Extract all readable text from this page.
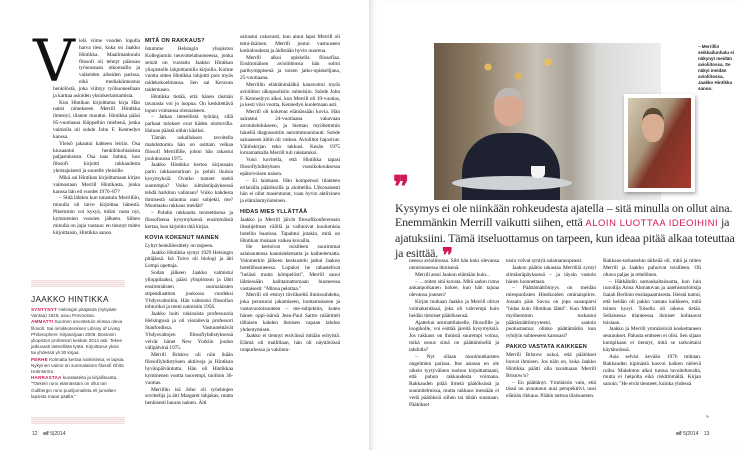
V ielä viime vuoden lopulla harva tiesi, kuka on Jaakko Hintikka. Maailmankuulu filosofi oli tehnyt pääosan työurastaan ulkomailla ja vaikeiden aiheiden parissa, eikä mediakiinnostus henkilöstä, joka viihtyy työhuoneellaan ja karttaa asioiden yksinkertaistamista.

Kun Hintikan kirjoittama kirja Hän naitsi nimekseen Merrill Hintikka ilmestyi, tilanne muuttui. Hintikka pääsi 85-vuotiaana lööppeihin miehenä, jonka vaimolla oli suhde John F. Kennedyn kanssa.

Yleisö jakautui kahteen leiriin. Osa kiusaantui henkilökohtaisista paljastuksista. Osa taas ilahtui, kun filosofi kirjoitti rakkaudesta yleistajuisesti ja suurelle yleisölle.

Mikä sai Hintikan kirjoittamaan kirjan vaimostaan Merrill Hintikasta, jonka kanssa hän eli vuodet 1976–87?

– Siitä lähtien kun tutustuin Merrilliin, minulla oli tarve kirjoittaa hänestä. Pikemmin voi kysyä, miksi vasta nyt, kymmenien vuosien jälkeen. Siihen minulla on jopa vastaus: en tiennyt miten kirjoittaisin, Hintikka sanoo.

MITÄ ON RAKKAUS?

Istumme Helsingin yliopiston Kollegiumin neuvottelahuoneessa, jonka seinät on vuorattu Jaakko Hintikan yliopistolle lahjoittamilla kirjoilla. Kolme vuotta sitten Hintikka lahjoitti pois myös taidekokoelmansa. Sen sai Keravan taidemuseo.

Hintikka tietää, että hänen täsmän tavarasta voi jo luopua. On keskitettävä lopun voimansa olennaiseen.

– Jatkaa tieteellistä työtäni, sillä parhaat tulokset ovat käden ulottuvilla. Haluan päästä niihin käsiksi.

Tämän uskalluksen tavoitella mahdottomia hän on osittain velkaa filosofi Merrillille, johon hän rakastui joulukuussa 1975.

Jaakko Hintikka kertoo kirjassaan parin rakkaustarinan ja pohtii ikuisia kysymyksiä: Ovatko tunteet meitä suurempia? Voiko silmänräpäyksessä tehdä harkitun valinnan? Voiko kahdesta ihmisestä sulautua uusi subjekti, me? Muuttaako rakkaus meidät?

– Pohdin rakkautta teoreettisena ja filosofisena kysymyksenä ensimmäistä kertaa, kun kirjoitin tätä kirjaa.

KOVIA KOKENUT NAINEN

Lyhyt henkilöesittely on tarpeen.

Jaakko Hintikka syntyi 1929 Helsingin pitäjässä. Isä Toivo oli biologi ja äiti Lempi opettaja.

Sodan jälkeen Jaakko valmistui ylioppilaaksi, pääsi yliopistoon ja lähti ensimmäisten suomalaisten stipendiaattien joukossa vuodeksi Yhdysvaltoihin. Hän valmistui filosofian tohtoriksi ja meni naimisiin 1956.

Jaakko hoiti vakinaista professuuria Helsingissä ja oli vierailevia professori Stanfordissa. Vastuutehtävät Yhdysvaltojen filosofiyhdistyksessä veivät hänet New Yorkiin joulun välipäivinä 1975.

Merrill Bristow oli niin ikään filosofiyhdistyksen aktiiveja ja Hintikan hyvänpäiväntuttu. Hän oli Hintikkaa kymmenen vuotta nuorempi, tuolloin 36-vuotias.

Merrillin isä John oli työehtojen sovittelija ja äiti Margaret lahjakas, mutta henkisesti hauras nainen. Äiti

sairastui vakavasti, kun ainut lapsi Merrill oli teini-ikäinen. Merrill joutui vastuuseen kotitaloudesta ja äidistään hyvin nuorena.

Merrill alkoi opiskella filosofiaa. Ensimmäisen avioliittonsa hän solmi parikymppisenä ja toisen jatko-opiskelijana, 25-vuotiaana.

Merrillin elämänmäälkä kanavoitui myös avioliiton ulkopuolisiin suhteisiin. Suhde John F. Kennedyyn alkoi, kun Merrill oli 19-vuotias, ja kesti viisi vuotta, Kennedyn kuolemaan asti.

Merrill oli kokenut elämässään kovia. Hän sairastui 24-vuotiaana vakavaan aivotulehdukseen, ja hieman myöhemmin hänellä diagnosoitiin autoimmuunitauti. Suhde sairaaseen äitiin oli vaikea. Avioliitot hajosivat. Väitöskirjan teko takkusi. Kesän 1975 lomamatkalla Merrill tuli raiskatuksi.

Voisi kuvitella, että Hintikka tapasi filosofiyhdistyksen vuosikokouksessa epätoivoisen naisen.

– Ei lainkaan. Hän kompensoi tilanteen erilaisilla päätöksillä ja aloitteilla. Ulkonaisesti hän ei ollut masentunut, vaan hyvin aktiivinen ja elämänmyönteinen.

HIDAS MIES YLLÄTTÄÄ

Jaakko ja Merrill jäivät filosofikonferenssin iltaohjelman välillä ja vaihtoivat kuulumisia hotellin baarissa. Tapahtui jotakin, mitä on Hintikan mukaan vaikea kuvailla.

He kertoivat toisilleen suurimmat salaisuutensa kaunistelematta ja kaihtelematta. Valomerkin jälkeen keskustelu jatkui Jaakon hotellihuoneessa. Lopuksi he rakastelivat "helästi mutta kömpelösti". Merrill sanoi lähtiessään kaihtamattomaan huoneessa vastaisesti: "Minua pelottaa."

Merrill oli etsinyt tiiviikseltä ihmissuhdetta, joka perustuisi jakamiseen, luottamukseen ja vastavuoroisuuteen – me-subjektiin, kuten hänen oppi-isänsä Jean-Paul Sartre määritteli tällaisen kahden ihmisen vapaan tahdon yhdentymisen.

Jaakko ei tiennyt etsivänsä mitään erityistä. Elämä oli mallillaan, hän oli näyttävässä urapurkessa ja vakiintu-

JAAKKO HINTIKKA

SYNTYNYT Helsingin pitäjässä (nykyään Vantaa) 1929, asuu Porvoossa.
AMMATTI Suomen arvostetuin elossa oleva filosofi. Sai nimikkoteoksen Library of Living Philosophers -kirjasarjaan 2006. Bostonin yliopiston professori keskän 2014 asti. Tekee jatkuvasti tieteellistä työtä. Kirjoittanut yksin tai yhdessä yli 30 kirjaa.
PERHE Kolmatta kertaa naimisissa, ei lapsia. Nykyinen vaimo on suomalainen filosofi Ghita Holmström.
HARRASTAA kuvataiteita ja kirjallisuutta. "Tärkein runo elämässäni on ollut Ian Gullbergin runo puolijumalista eli jumalten lapsista maan päällä."

12 eℓ 5|2014
– Merrillin seikkailunhalu ei näkynyt meidän avioliitossa. Se näkyi meidän avioliitossa, Jaakko Hintikka sanoo.
❞
Kysymys ei ole niinkään rohkeudesta ajatella – sitä minulla on ollut aina. Enemmänkin Merrill vaikutti siihen, että ALOIN LUOTTAA IDEOIHINI ja ajatuksiini. Tämä itseluottamus on tarpeen, kun ideaa pitää alkaa toteuttaa ja esittää. ❞

neessa avioliitossa. Silti hän koki olevansa onnistuneessa ihmisenä.

Merrill astui Jaakon elämään kuin...

– ... miten sitä kuvata. Mitä sadun ruma ankanpoikanen kokee, kun hän tajuaa olevansa joutsen?

Kirjan mukaan Jaakko ja Merrill olivat voimakentässä, joka oli vahvempi kuin heidän tietoiset päätöksensä.

Ajattelun ammattilaiselle, filosofille ja loogikolle, voi esittää järeitä kysymyksiä. Jos rakkaus on ihmistä suurempi voima, mikä osuus siinä on päättämisellä ja tahdolla?

– Nyt ollaan monimutkaisten ongelmien parissa. Itse asiassa en ole oikein tyytyväinen tuohon kirjoittamaani, että puhun rakkaudesta voimana. Rakkauden pitää ilmetä päätöksissä ja suunnitelmissa, mutta rakkaus inessään ei vedä päätöksiä siihen tai tähän suuntaan. Päätökset

tosin voivat syntyä salamannopeasti.

Jaakon päätös rakastaa Merrilliä syntyi silmänräpäyksessä – ja täysin vastoin hänen luonnettaan.

– Päättämättömyys on meidän miespuolisten Hintikoiden ominaispiirre. Jossain päin Savoa on jopa sananparsi "hidas kuin Hintikan lähtö". Kun Merrill myöhemmin tuskastui päättämättömyyteeni, saatoin puolustautua: olinko päättämätön kun ryhdyin suhteeseen kanssasi?

PAKKO VASTATA KAIKKEEN

Merrill Bristow uskoi, että päätökset luovat ihmisen. Jos näin on, kuka Jaakko Hintikka päätti olla tavattuaan Merrill Bristow'n?

– En päättänyt. Ymmärsin vain, että tässä on avautunut uusi perspektiivi, uusi elämän rikkaus. Päätin tarttua tilaisuuteen.

Rakkaus-tarkastelun tärkeää oli, mitä ja miten Merrill ja Jaakko puhuivat toisilleen. Oli oltava paljas ja rehellinen.

– Hätkähdin samankaltaisuutta, kun luin runoilija Anna Ahmatovan ja aatehistorioitsija Isaiah Berlinin ensitapaamisesta. Heistä tuntui, että heidän oli pakko vastata kaikkeen, mitä toinen kysyi. Toisella oli oikeus tietää. Sellaisessa tilanteessa ihmiset kohtaavat toisiaan.

Jaakko ja Merrill ymmärsivät koskettaneen seuraukset. Paluuta entiseen ei olisi. Sen sijaan kumpikaan ei tiennyt, mitä se tarkoittaisi käytännössä.

Asia selvisi kevään 1976 mittaan. Rakkauden kipinästä kasvoi kaiken nielevä roihu. Mahdoton alkoi tuntua tavoiteltavalta, mutta ei helpolta eikä riskittömältä. Kirjan sanoin: "He eivät tienneet, kuinka yhdessä

»
eℓ 5|2014 13
